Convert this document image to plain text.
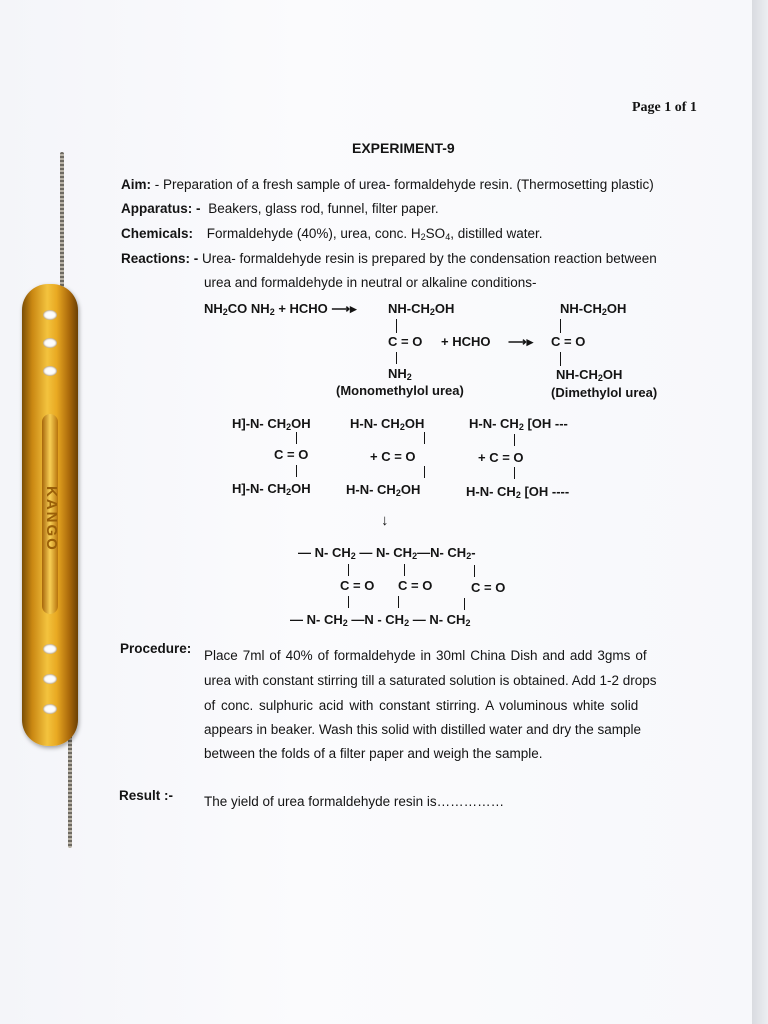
KANGO
Page 1 of 1
EXPERIMENT-9
Aim: - Preparation of a fresh sample of urea- formaldehyde resin. (Thermosetting plastic)
Apparatus: - Beakers, glass rod, funnel, filter paper.
Chemicals: Formaldehyde (40%), urea, conc. $H_2SO_4$, distilled water.
Reactions: - Urea- formaldehyde resin is prepared by the condensation reaction between
urea and formaldehyde in neutral or alkaline conditions-
$NH_2CO$ $NH_2$ + HCHO ⟶▸ $NH-CH_2OH$
C = O + HCHO ⟶▸
$NH_2$
(Monomethylol urea)
$NH-CH_2OH$
C = O
$NH-CH_2OH$
(Dimethylol urea)
H]-N- $CH_2OH$
C = O
H]-N- $CH_2OH$
H-N- $CH_2OH$
+ C = O
H-N- $CH_2OH$
H-N- $CH_2$ [OH ---
+ C = O
H-N- $CH_2$ [OH ----
↓
— N- $CH_2$ — N- $CH_2—N-$ $CH_2-$
C = O C = O	C = O
— N- $CH_2$ —N - $CH_2$ — N- $CH_2$
Procedure: Place 7ml of 40% of formaldehyde in 30ml China Dish and add 3gms of
urea with constant stirring till a saturated solution is obtained. Add 1-2 drops
of conc. sulphuric acid with constant stirring. A voluminous white solid
appears in beaker. Wash this solid with distilled water and dry the sample
between the folds of a filter paper and weigh the sample.
Result :- The yield of urea formaldehyde resin is……………
